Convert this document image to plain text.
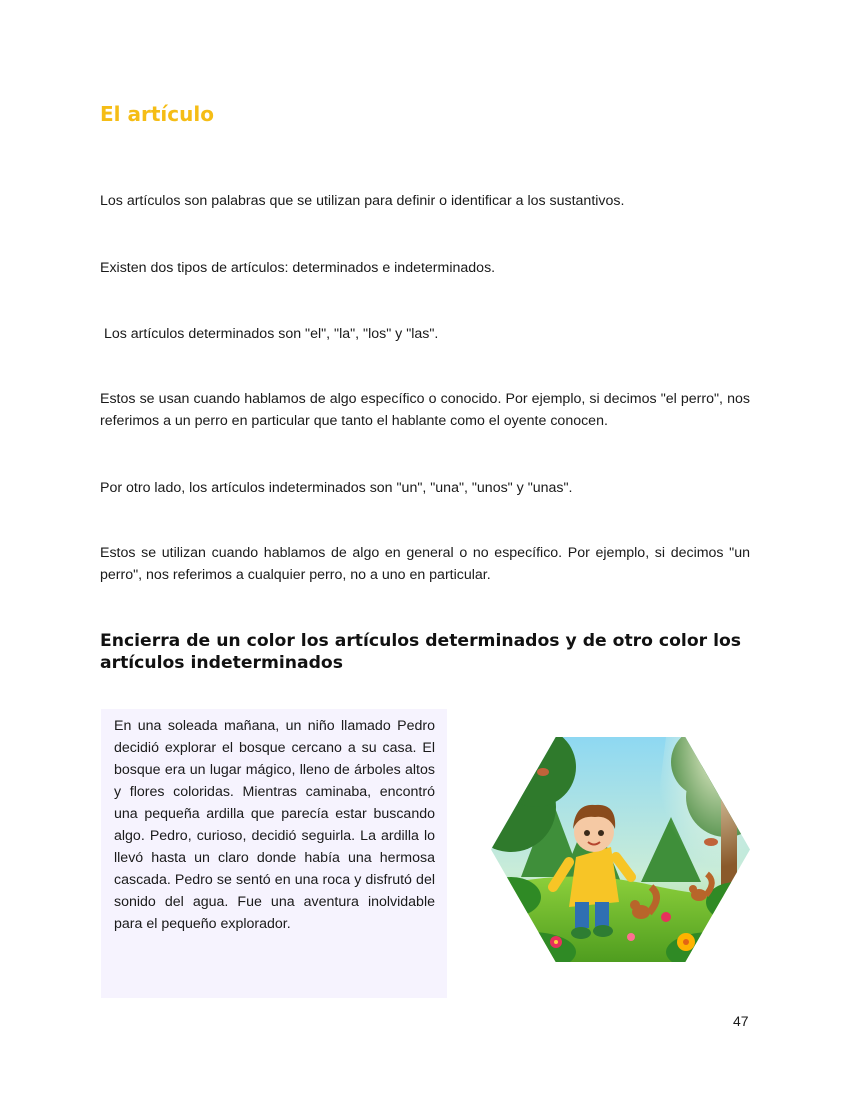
El artículo

Los artículos son palabras que se utilizan para definir o identificar a los sustantivos.

Existen dos tipos de artículos: determinados e indeterminados.

Los artículos determinados son "el", "la", "los" y "las".

Estos se usan cuando hablamos de algo específico o conocido. Por ejemplo, si decimos "el perro", nos referimos a un perro en particular que tanto el hablante como el oyente conocen.

Por otro lado, los artículos indeterminados son "un", "una", "unos" y "unas".

Estos se utilizan cuando hablamos de algo en general o no específico. Por ejemplo, si decimos "un perro", nos referimos a cualquier perro, no a uno en particular.

Encierra de un color los artículos determinados y de otro color los artículos indeterminados

En una soleada mañana, un niño llamado Pedro decidió explorar el bosque cercano a su casa. El bosque era un lugar mágico, lleno de árboles altos y flores coloridas. Mientras caminaba, encontró una pequeña ardilla que parecía estar buscando algo. Pedro, curioso, decidió seguirla. La ardilla lo llevó hasta un claro donde había una hermosa cascada. Pedro se sentó en una roca y disfrutó del sonido del agua. Fue una aventura inolvidable para el pequeño explorador.

47
